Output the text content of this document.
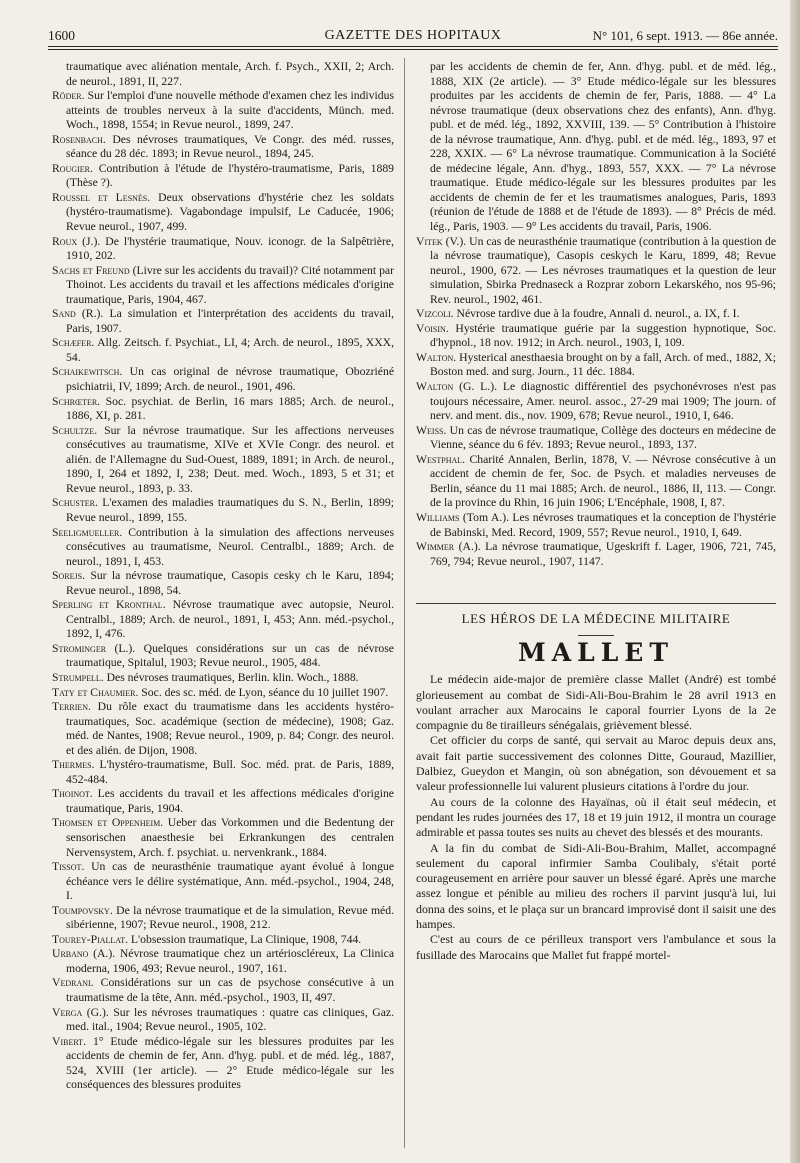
1600	GAZETTE DES HOPITAUX	N° 101, 6 sept. 1913. — 86e année.

traumatique avec aliénation mentale, Arch. f. Psych., XXII, 2; Arch. de neurol., 1891, II, 227.

Röder. Sur l'emploi d'une nouvelle méthode d'examen chez les individus atteints de troubles nerveux à la suite d'accidents, Münch. med. Woch., 1898, 1554; in Revue neurol., 1899, 247.

Rosenbach. Des névroses traumatiques, Ve Congr. des méd. russes, séance du 28 déc. 1893; in Revue neurol., 1894, 245.

Rougier. Contribution à l'étude de l'hystéro-traumatisme, Paris, 1889 (Thèse ?).

Roussel et Lesnès. Deux observations d'hystérie chez les soldats (hystéro-traumatisme). Vagabondage impulsif, Le Caducée, 1906; Revue neurol., 1907, 499.

Roux (J.). De l'hystérie traumatique, Nouv. iconogr. de la Salpêtrière, 1910, 202.

Sachs et Freund (Livre sur les accidents du travail)? Cité notamment par Thoinot. Les accidents du travail et les affections médicales d'origine traumatique, Paris, 1904, 467.

Sand (R.). La simulation et l'interprétation des accidents du travail, Paris, 1907.

Schæfer. Allg. Zeitsch. f. Psychiat., LI, 4; Arch. de neurol., 1895, XXX, 54.

Schaikewitsch. Un cas original de névrose traumatique, Obozriéné psichiatrii, IV, 1899; Arch. de neurol., 1901, 496.

Schrœter. Soc. psychiat. de Berlin, 16 mars 1885; Arch. de neurol., 1886, XI, p. 281.

Schultze. Sur la névrose traumatique. Sur les affections nerveuses consécutives au traumatisme, XIVe et XVIe Congr. des neurol. et alién. de l'Allemagne du Sud-Ouest, 1889, 1891; in Arch. de neurol., 1890, I, 264 et 1892, I, 238; Deut. med. Woch., 1893, 5 et 31; et Revue neurol., 1893, p. 33.

Schuster. L'examen des maladies traumatiques du S. N., Berlin, 1899; Revue neurol., 1899, 155.

Seeligmueller. Contribution à la simulation des affections nerveuses consécutives au traumatisme, Neurol. Centralbl., 1889; Arch. de neurol., 1891, I, 453.

Sorejs. Sur la névrose traumatique, Casopis cesky ch le Karu, 1894; Revue neurol., 1898, 54.

Sperling et Kronthal. Névrose traumatique avec autopsie, Neurol. Centralbl., 1889; Arch. de neurol., 1891, I, 453; Ann. méd.-psychol., 1892, I, 476.

Strominger (L.). Quelques considérations sur un cas de névrose traumatique, Spitalul, 1903; Revue neurol., 1905, 484.

Strumpell. Des névroses traumatiques, Berlin. klin. Woch., 1888.

Taty et Chaumier. Soc. des sc. méd. de Lyon, séance du 10 juillet 1907.

Terrien. Du rôle exact du traumatisme dans les accidents hystéro-traumatiques, Soc. académique (section de médecine), 1908; Gaz. méd. de Nantes, 1908; Revue neurol., 1909, p. 84; Congr. des neurol. et des alién. de Dijon, 1908.

Thermes. L'hystéro-traumatisme, Bull. Soc. méd. prat. de Paris, 1889, 452-484.

Thoinot. Les accidents du travail et les affections médicales d'origine traumatique, Paris, 1904.

Thomsen et Oppenheim. Ueber das Vorkommen und die Bedentung der sensorischen anaesthesie bei Erkrankungen des centralen Nervensystem, Arch. f. psychiat. u. nervenkrank., 1884.

Tissot. Un cas de neurasthénie traumatique ayant évolué à longue échéance vers le délire systématique, Ann. méd.-psychol., 1904, 248, I.

Toumpovsky. De la névrose traumatique et de la simulation, Revue méd. sibérienne, 1907; Revue neurol., 1908, 212.

Tourey-Piallat. L'obsession traumatique, La Clinique, 1908, 744.

Urbano (A.). Névrose traumatique chez un artérioscléreux, La Clinica moderna, 1906, 493; Revue neurol., 1907, 161.

Vedrani. Considérations sur un cas de psychose consécutive à un traumatisme de la tête, Ann. méd.-psychol., 1903, II, 497.

Verga (G.). Sur les névroses traumatiques : quatre cas cliniques, Gaz. med. ital., 1904; Revue neurol., 1905, 102.

Vibert. 1° Etude médico-légale sur les blessures produites par les accidents de chemin de fer, Ann. d'hyg. publ. et de méd. lég., 1887, 524, XVIII (1er article). — 2° Etude médico-légale sur les conséquences des blessures produites

par les accidents de chemin de fer, Ann. d'hyg. publ. et de méd. lég., 1888, XIX (2e article). — 3° Etude médico-légale sur les blessures produites par les accidents de chemin de fer, Paris, 1888. — 4° La névrose traumatique (deux observations chez des enfants), Ann. d'hyg. publ. et de méd. lég., 1892, XXVIII, 139. — 5° Contribution à l'histoire de la névrose traumatique, Ann. d'hyg. publ. et de méd. lég., 1893, 97 et 228, XXIX. — 6° La névrose traumatique. Communication à la Société de médecine légale, Ann. d'hyg., 1893, 557, XXX. — 7° La névrose traumatique. Etude médico-légale sur les blessures produites par les accidents de chemin de fer et les traumatismes analogues, Paris, 1893 (réunion de l'étude de 1888 et de l'étude de 1893). — 8° Précis de méd. lég., Paris, 1903. — 9° Les accidents du travail, Paris, 1906.

Vitek (V.). Un cas de neurasthénie traumatique (contribution à la question de la névrose traumatique), Casopis ceskych le Karu, 1899, 48; Revue neurol., 1900, 672. — Les névroses traumatiques et la question de leur simulation, Sbirka Prednaseck a Rozprar zoborn Lekarského, nos 95-96; Rev. neurol., 1902, 461.

Vizcoli. Névrose tardive due à la foudre, Annali d. neurol., a. IX, f. I.

Voisin. Hystérie traumatique guérie par la suggestion hypnotique, Soc. d'hypnol., 18 nov. 1912; in Arch. neurol., 1903, I, 109.

Walton. Hysterical anesthaesia brought on by a fall, Arch. of med., 1882, X; Boston med. and surg. Journ., 11 déc. 1884.

Walton (G. L.). Le diagnostic différentiel des psychonévroses n'est pas toujours nécessaire, Amer. neurol. assoc., 27-29 mai 1909; The journ. of nerv. and ment. dis., nov. 1909, 678; Revue neurol., 1910, I, 646.

Weiss. Un cas de névrose traumatique, Collège des docteurs en médecine de Vienne, séance du 6 fév. 1893; Revue neurol., 1893, 137.

Westphal. Charité Annalen, Berlin, 1878, V. — Névrose consécutive à un accident de chemin de fer, Soc. de Psych. et maladies nerveuses de Berlin, séance du 11 mai 1885; Arch. de neurol., 1886, II, 113. — Congr. de la province du Rhin, 16 juin 1906; L'Encéphale, 1908, I, 87.

Williams (Tom A.). Les névroses traumatiques et la conception de l'hystérie de Babinski, Med. Record, 1909, 557; Revue neurol., 1910, I, 649.

Wimmer (A.). La névrose traumatique, Ugeskrift f. Lager, 1906, 721, 745, 769, 794; Revue neurol., 1907, 1147.

LES HÉROS DE LA MÉDECINE MILITAIRE
MALLET

Le médecin aide-major de première classe Mallet (André) est tombé glorieusement au combat de Sidi-Ali-Bou-Brahim le 28 avril 1913 en voulant arracher aux Marocains le caporal fourrier Lyons de la 2e compagnie du 8e tirailleurs sénégalais, grièvement blessé.

Cet officier du corps de santé, qui servait au Maroc depuis deux ans, avait fait partie successivement des colonnes Ditte, Gouraud, Mazillier, Dalbiez, Gueydon et Mangin, où son abnégation, son dévouement et sa valeur professionnelle lui valurent plusieurs citations à l'ordre du jour.

Au cours de la colonne des Hayaïnas, où il était seul médecin, et pendant les rudes journées des 17, 18 et 19 juin 1912, il montra un courage admirable et passa toutes ses nuits au chevet des blessés et des mourants.

A la fin du combat de Sidi-Ali-Bou-Brahim, Mallet, accompagné seulement du caporal infirmier Samba Coulibaly, s'était porté courageusement en arrière pour sauver un blessé égaré. Après une marche assez longue et pénible au milieu des rochers il parvint jusqu'à lui, lui donna des soins, et le plaça sur un brancard improvisé dont il saisit une des hampes.

C'est au cours de ce périlleux transport vers l'ambulance et sous la fusillade des Marocains que Mallet fut frappé mortel-
